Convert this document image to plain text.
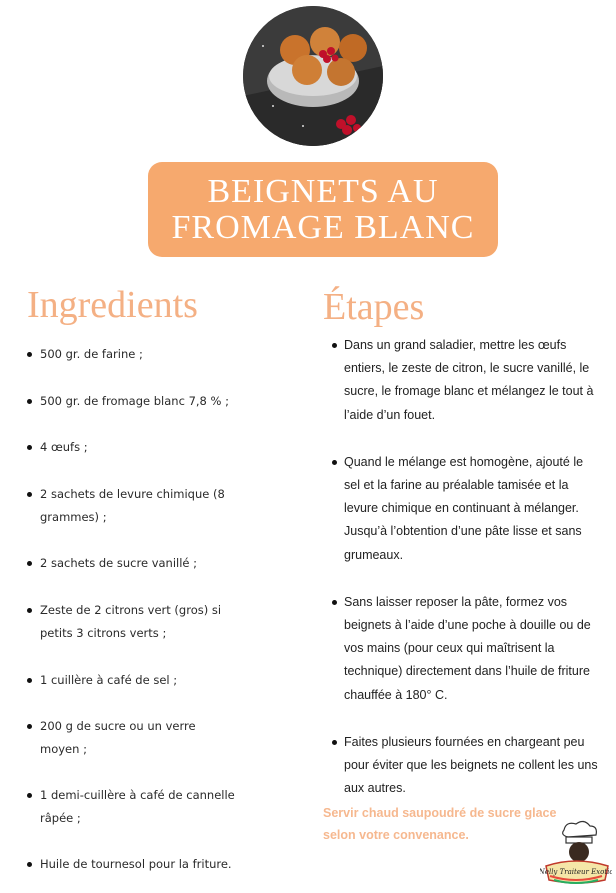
BEIGNETS AU
FROMAGE BLANC
Ingredients	Étapes
500 gr. de farine ;
500 gr. de fromage blanc 7,8 % ;
4 œufs ;
2 sachets de levure chimique (8 grammes) ;
2 sachets de sucre vanillé ;
Zeste de 2 citrons vert (gros) si petits 3 citrons verts ;
1 cuillère à café de sel ;
200 g de sucre ou un verre moyen ;
1 demi-cuillère à café de cannelle râpée ;
Huile de tournesol pour la friture.
Dans un grand saladier, mettre les œufs entiers, le zeste de citron, le sucre vanillé, le sucre, le fromage blanc et mélangez le tout à l’aide d’un fouet.
Quand le mélange est homogène, ajouté le sel et la farine au préalable tamisée et la levure chimique en continuant à mélanger. Jusqu’à l’obtention d’une pâte lisse et sans grumeaux.
Sans laisser reposer la pâte, formez vos beignets à l’aide d’une poche à douille ou de vos mains (pour ceux qui maîtrisent la technique) directement dans l’huile de friture chauffée à 180° C.
Faites plusieurs fournées en chargeant peu pour éviter que les beignets ne collent les uns aux autres.

Servir chaud saupoudré de sucre glace selon votre convenance.

Nelly Traiteur Exotic
